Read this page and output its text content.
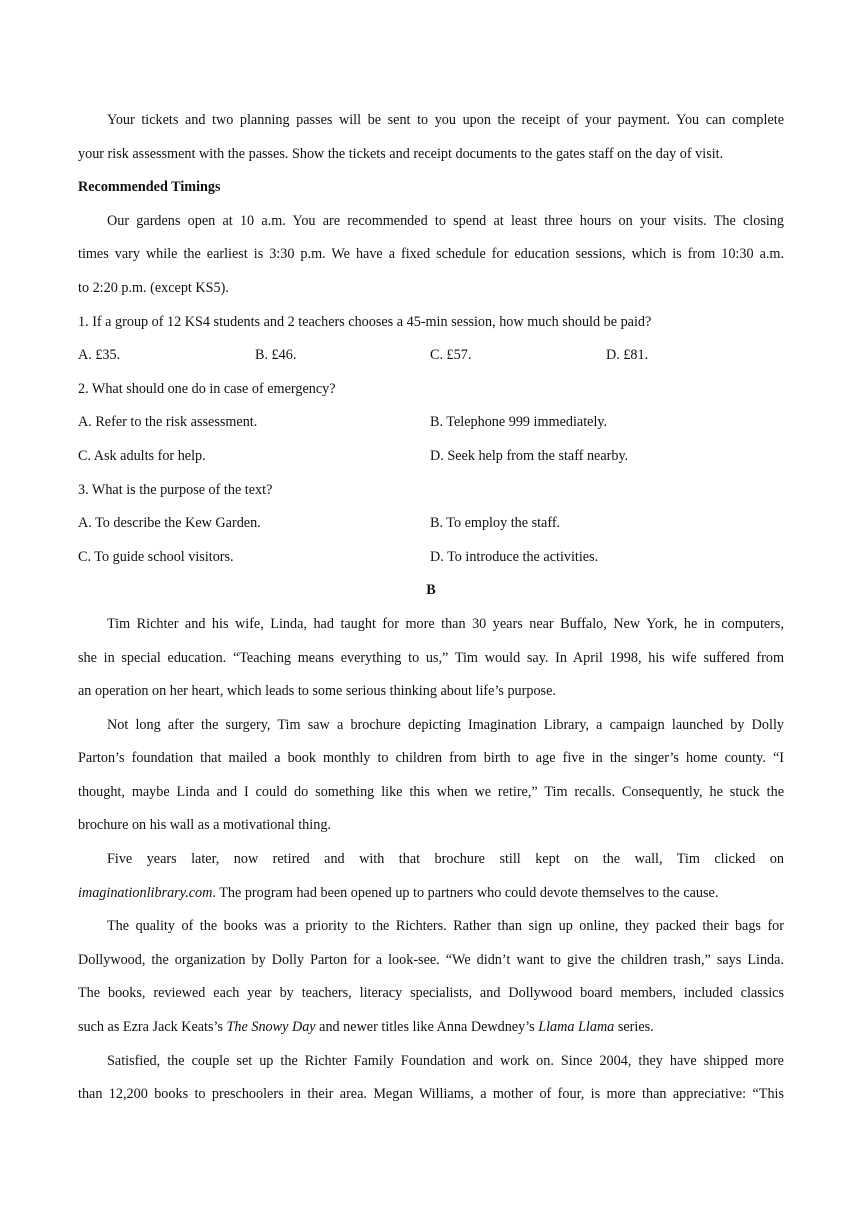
Your tickets and two planning passes will be sent to you upon the receipt of your payment. You can complete
your risk assessment with the passes. Show the tickets and receipt documents to the gates staff on the day of visit.
Recommended Timings
Our gardens open at 10 a.m. You are recommended to spend at least three hours on your visits. The closing
times vary while the earliest is 3:30 p.m. We have a fixed schedule for education sessions, which is from 10:30 a.m.
to 2:20 p.m. (except KS5).
1. If a group of 12 KS4 students and 2 teachers chooses a 45-min session, how much should be paid?
A. £35.	B. £46.	C. £57.	D. £81.
2. What should one do in case of emergency?
A. Refer to the risk assessment.	B. Telephone 999 immediately.
C. Ask adults for help.	D. Seek help from the staff nearby.
3. What is the purpose of the text?
A. To describe the Kew Garden.	B. To employ the staff.
C. To guide school visitors.	D. To introduce the activities.
B
Tim Richter and his wife, Linda, had taught for more than 30 years near Buffalo, New York, he in computers,
she in special education. “Teaching means everything to us,” Tim would say. In April 1998, his wife suffered from
an operation on her heart, which leads to some serious thinking about life’s purpose.
Not long after the surgery, Tim saw a brochure depicting Imagination Library, a campaign launched by Dolly
Parton’s foundation that mailed a book monthly to children from birth to age five in the singer’s home county. “I
thought, maybe Linda and I could do something like this when we retire,” Tim recalls. Consequently, he stuck the
brochure on his wall as a motivational thing.
Five years later, now retired and with that brochure still kept on the wall, Tim clicked on
imaginationlibrary.com. The program had been opened up to partners who could devote themselves to the cause.
The quality of the books was a priority to the Richters. Rather than sign up online, they packed their bags for
Dollywood, the organization by Dolly Parton for a look-see. “We didn’t want to give the children trash,” says Linda.
The books, reviewed each year by teachers, literacy specialists, and Dollywood board members, included classics
such as Ezra Jack Keats’s The Snowy Day and newer titles like Anna Dewdney’s Llama Llama series.
Satisfied, the couple set up the Richter Family Foundation and work on. Since 2004, they have shipped more
than 12,200 books to preschoolers in their area. Megan Williams, a mother of four, is more than appreciative: “This
